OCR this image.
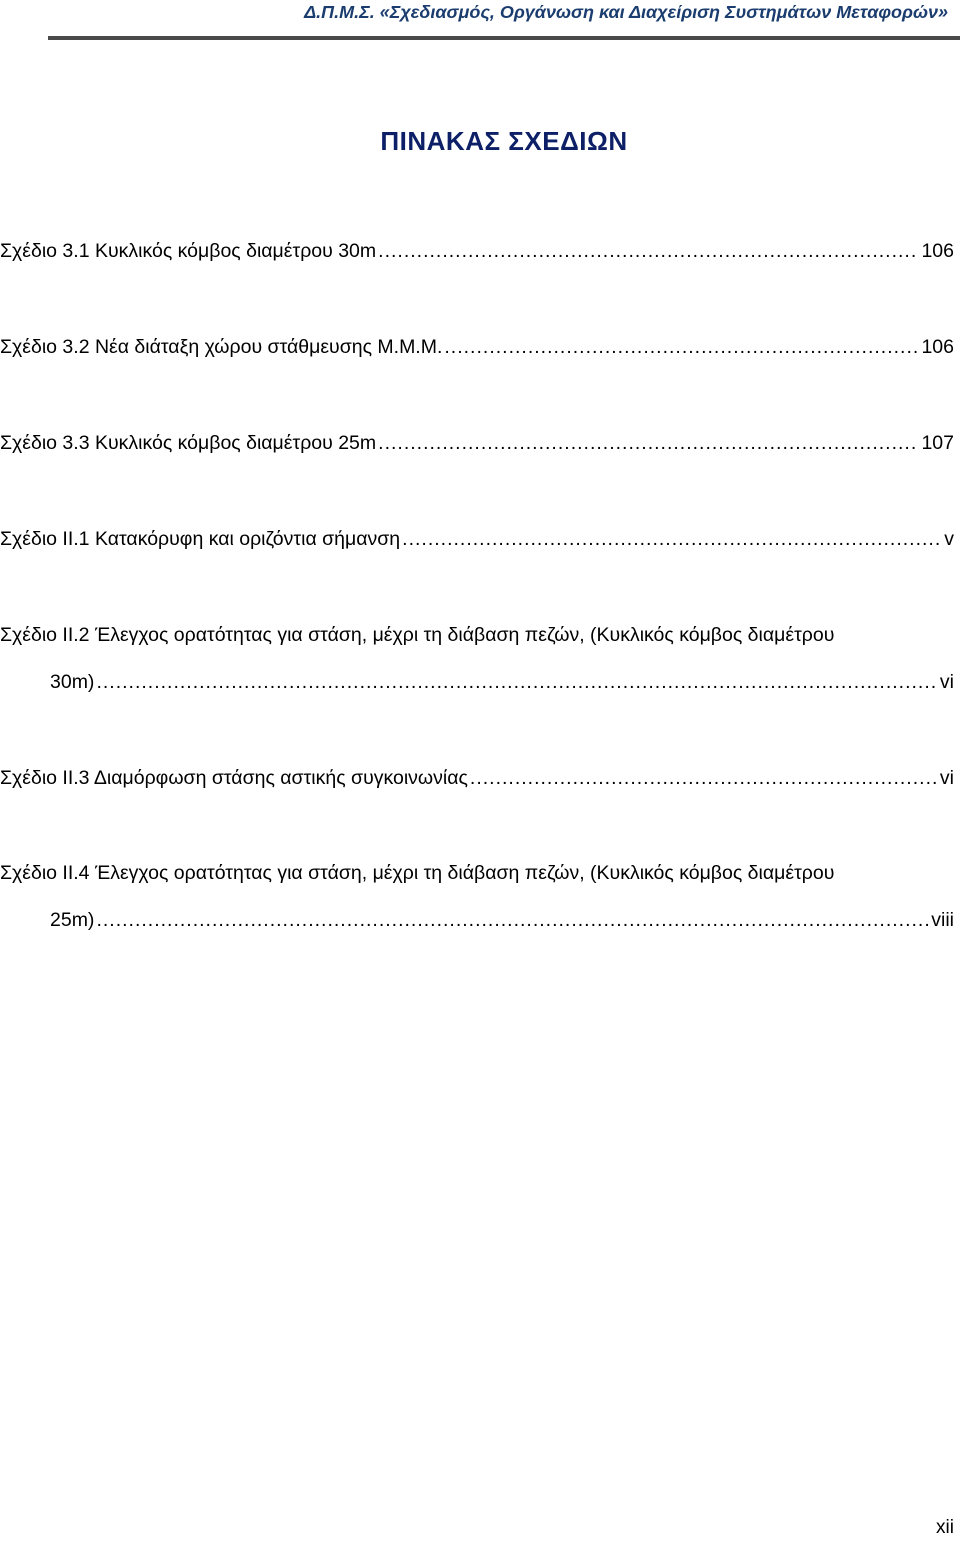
Δ.Π.Μ.Σ. «Σχεδιασμός, Οργάνωση και Διαχείριση Συστημάτων Μεταφορών»
ΠΙΝΑΚΑΣ ΣΧΕΔΙΩΝ
Σχέδιο 3.1 Κυκλικός κόμβος διαμέτρου 30m .....	106
Σχέδιο 3.2 Νέα διάταξη χώρου στάθμευσης Μ.Μ.Μ. .....	106
Σχέδιο 3.3 Κυκλικός κόμβος διαμέτρου 25m .....	107
Σχέδιο ΙΙ.1 Κατακόρυφη και οριζόντια σήμανση .....	v
Σχέδιο ΙΙ.2 Έλεγχος ορατότητας για στάση, μέχρι τη διάβαση πεζών, (Κυκλικός κόμβος διαμέτρου
30m) .....	vi
Σχέδιο ΙΙ.3 Διαμόρφωση στάσης αστικής συγκοινωνίας .....	vi
Σχέδιο ΙΙ.4 Έλεγχος ορατότητας για στάση, μέχρι τη διάβαση πεζών, (Κυκλικός κόμβος διαμέτρου
25m) .....	viii
xii
